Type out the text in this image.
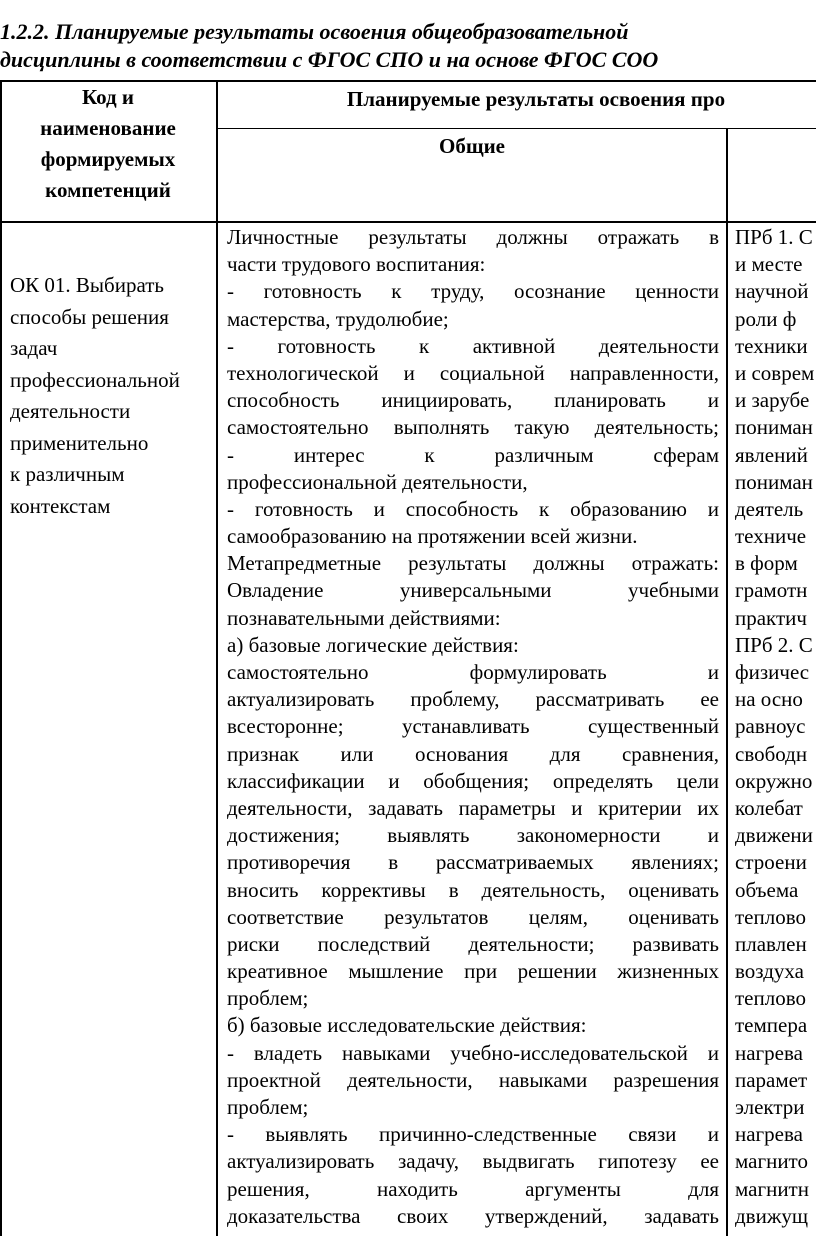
1.2.2. Планируемые результаты освоения общеобразовательной
дисциплины в соответствии с ФГОС СПО и на основе ФГОС СОО
Код и
наименование
формируемых
компетенций
Планируемые результаты освоения про
Общие
ОК 01. Выбирать
способы решения
задач
профессиональной
деятельности
применительно
к различным
контекстам
Личностные результаты должны отражать в
части трудового воспитания:
- готовность к труду, осознание ценности
мастерства, трудолюбие;
- готовность к активной деятельности
технологической и социальной направленности,
способность инициировать, планировать и
самостоятельно выполнять такую деятельность;
- интерес к различным сферам
профессиональной деятельности,
- готовность и способность к образованию и
самообразованию на протяжении всей жизни.
Метапредметные результаты должны отражать:
Овладение универсальными учебными
познавательными действиями:
а) базовые логические действия:
самостоятельно формулировать и
актуализировать проблему, рассматривать ее
всесторонне; устанавливать существенный
признак или основания для сравнения,
классификации и обобщения; определять цели
деятельности, задавать параметры и критерии их
достижения; выявлять закономерности и
противоречия в рассматриваемых явлениях;
вносить коррективы в деятельность, оценивать
соответствие результатов целям, оценивать
риски последствий деятельности; развивать
креативное мышление при решении жизненных
проблем;
б) базовые исследовательские действия:
- владеть навыками учебно-исследовательской и
проектной деятельности, навыками разрешения
проблем;
- выявлять причинно-следственные связи и
актуализировать задачу, выдвигать гипотезу ее
решения, находить аргументы для
доказательства своих утверждений, задавать
ПРб 1. С
и месте
научной
роли ф
техники
и соврем
и зарубе
пониман
явлений
пониман
деятель
техниче
в форм
грамотн
практич
ПРб 2. С
физичес
на осно
равноус
свободн
окружно
колебат
движени
строени
объема
теплово
плавлен
воздуха
теплово
темпера
нагрева
парамет
электри
нагрева
магнито
магнитн
движущ
